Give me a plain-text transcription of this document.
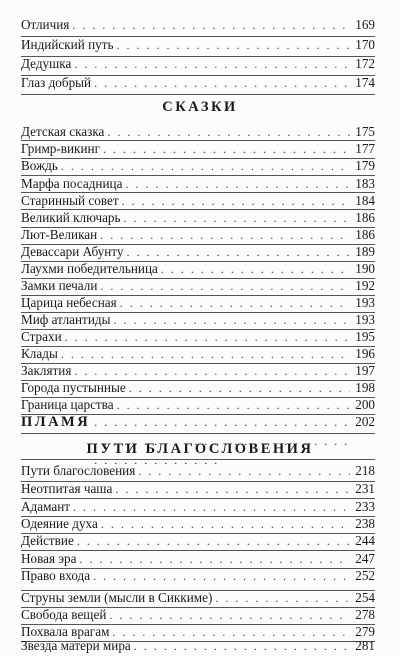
Отличия . . .	169
Индийский путь . . .	170
Дедушка . . .	172
Глаз добрый . . .	174
СКАЗКИ
Детская сказка . . .	175
Гримр-викинг . . .	177
Вождь . . .	179
Марфа посадница . . .	183
Старинный совет . . .	184
Великий ключарь . . .	186
Лют-Великан . . .	186
Девассари Абунту . . .	189
Лаухми победительница . . .	190
Замки печали . . .	192
Царица небесная . . .	193
Миф атлантиды . . .	193
Страхи . . .	195
Клады . . .	196
Заклятия . . .	197
Города пустынные . . .	198
Граница царства . . .	200
ПЛАМЯ . . .	202
ПУТИ БЛАГОСЛОВЕНИЯ
Пути благословения . . .	218
Неотпитая чаша . . .	231
Адамант . . .	233
Одеяние духа . . .	238
Действие . . .	244
Новая эра . . .	247
Право входа . . .	252
Струны земли (мысли в Сиккиме) . . .	254
Свобода вещей . . .	278
Похвала врагам . . .	279
Звезда матери мира . . .	281
